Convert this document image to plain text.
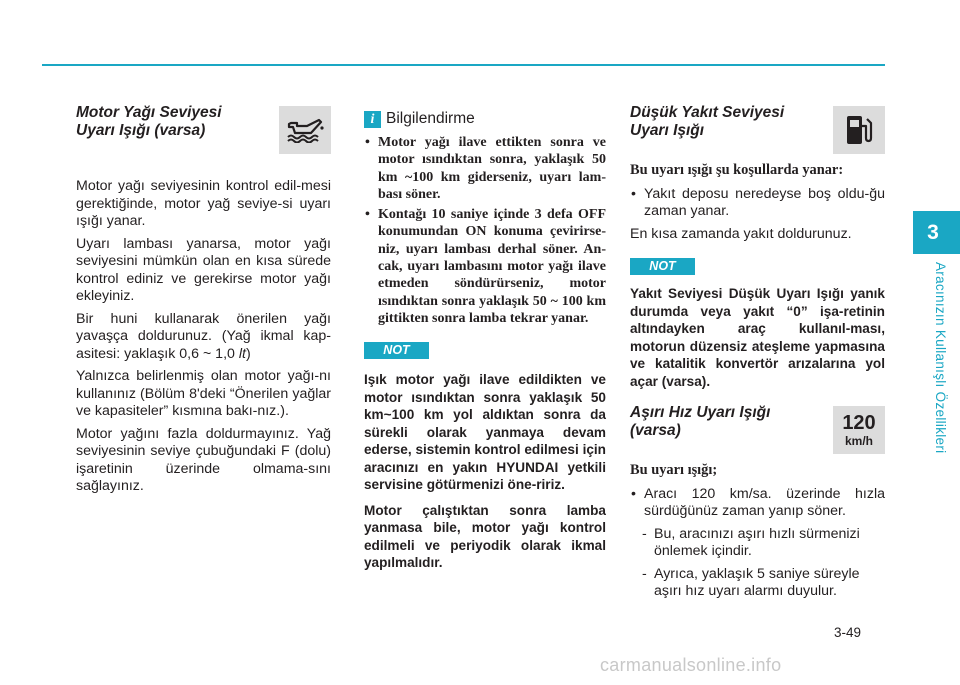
Motor Yağı Seviyesi
Uyarı Işığı (varsa)

Motor yağı seviyesinin kontrol edil-mesi gerektiğinde, motor yağ seviye-si uyarı ışığı yanar.

Uyarı lambası yanarsa, motor yağı seviyesini mümkün olan en kısa sürede kontrol ediniz ve gerekirse motor yağı ekleyiniz.

Bir huni kullanarak önerilen yağı yavaşça doldurunuz. (Yağ ikmal kap-asitesi: yaklaşık 0,6 ~ 1,0 lt)

Yalnızca belirlenmiş olan motor yağı-nı kullanınız (Bölüm 8'deki “Önerilen yağlar ve kapasiteler” kısmına bakı-nız.).

Motor yağını fazla doldurmayınız. Yağ seviyesinin seviye çubuğundaki F (dolu) işaretinin üzerinde olmama-sını sağlayınız.

i Bilgilendirme
• Motor yağı ilave ettikten sonra ve motor ısındıktan sonra, yaklaşık 50 km ~100 km giderseniz, uyarı lam-bası söner.
• Kontağı 10 saniye içinde 3 defa OFF konumundan ON konuma çevirirse-niz, uyarı lambası derhal söner. An-cak, uyarı lambasını motor yağı ilave etmeden söndürürseniz, motor ısındıktan sonra yaklaşık 50 ~ 100 km gittikten sonra lamba tekrar yanar.
NOT

Işık motor yağı ilave edildikten ve motor ısındıktan sonra yaklaşık 50 km~100 km yol aldıktan sonra da sürekli olarak yanmaya devam ederse, sistemin kontrol edilmesi için aracınızı en yakın HYUNDAI yetkili servisine götürmenizi öne-ririz.

Motor çalıştıktan sonra lamba yanmasa bile, motor yağı kontrol edilmeli ve periyodik olarak ikmal yapılmalıdır.

Düşük Yakıt Seviyesi
Uyarı Işığı

Bu uyarı ışığı şu koşullarda yanar:

• Yakıt deposu neredeyse boş oldu-ğu zaman yanar.

En kısa zamanda yakıt doldurunuz.

NOT

Yakıt Seviyesi Düşük Uyarı Işığı yanık durumda veya yakıt “0” işa-retinin altındayken araç kullanıl-ması, motorun düzensiz ateşleme yapmasına ve katalitik konvertör arızalarına yol açar (varsa).

Aşırı Hız Uyarı Işığı
(varsa)	120
km/h

Bu uyarı ışığı;

• Aracı 120 km/sa. üzerinde hızla sürdüğünüz zaman yanıp söner.
- Bu, aracınızı aşırı hızlı sürmenizi önlemek içindir.
- Ayrıca, yaklaşık 5 saniye süreyle aşırı hız uyarı alarmı duyulur.
3
Aracınızın Kullanışlı Özellikleri
3-49
carmanualsonline.info
